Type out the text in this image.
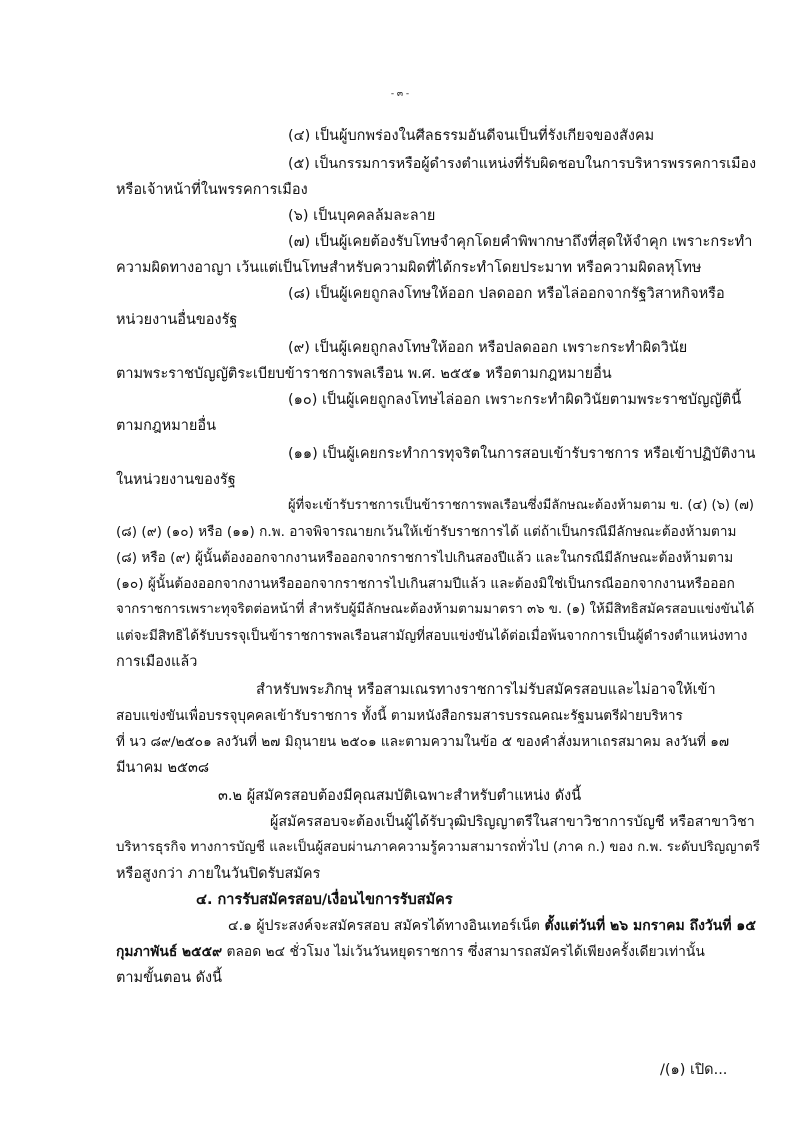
- ๓ -
(๔) เป็นผู้บกพร่องในศีลธรรมอันดีจนเป็นที่รังเกียจของสังคม
(๕) เป็นกรรมการหรือผู้ดำรงตำแหน่งที่รับผิดชอบในการบริหารพรรคการเมือง
หรือเจ้าหน้าที่ในพรรคการเมือง
(๖) เป็นบุคคลล้มละลาย
(๗) เป็นผู้เคยต้องรับโทษจำคุกโดยคำพิพากษาถึงที่สุดให้จำคุก เพราะกระทำ
ความผิดทางอาญา เว้นแต่เป็นโทษสำหรับความผิดที่ได้กระทำโดยประมาท หรือความผิดลหุโทษ
(๘) เป็นผู้เคยถูกลงโทษให้ออก ปลดออก หรือไล่ออกจากรัฐวิสาหกิจหรือ
หน่วยงานอื่นของรัฐ
(๙) เป็นผู้เคยถูกลงโทษให้ออก หรือปลดออก เพราะกระทำผิดวินัย
ตามพระราชบัญญัติระเบียบข้าราชการพลเรือน พ.ศ. ๒๕๕๑ หรือตามกฎหมายอื่น
(๑๐) เป็นผู้เคยถูกลงโทษไล่ออก เพราะกระทำผิดวินัยตามพระราชบัญญัตินี้
ตามกฎหมายอื่น
(๑๑) เป็นผู้เคยกระทำการทุจริตในการสอบเข้ารับราชการ หรือเข้าปฏิบัติงาน
ในหน่วยงานของรัฐ
ผู้ที่จะเข้ารับราชการเป็นข้าราชการพลเรือนซึ่งมีลักษณะต้องห้ามตาม ข. (๔) (๖) (๗)
(๘) (๙) (๑๐) หรือ (๑๑) ก.พ. อาจพิจารณายกเว้นให้เข้ารับราชการได้ แต่ถ้าเป็นกรณีมีลักษณะต้องห้ามตาม
(๘) หรือ (๙) ผู้นั้นต้องออกจากงานหรือออกจากราชการไปเกินสองปีแล้ว และในกรณีมีลักษณะต้องห้ามตาม
(๑๐) ผู้นั้นต้องออกจากงานหรือออกจากราชการไปเกินสามปีแล้ว และต้องมิใช่เป็นกรณีออกจากงานหรือออก
จากราชการเพราะทุจริตต่อหน้าที่ สำหรับผู้มีลักษณะต้องห้ามตามมาตรา ๓๖ ข. (๑) ให้มีสิทธิสมัครสอบแข่งขันได้
แต่จะมีสิทธิได้รับบรรจุเป็นข้าราชการพลเรือนสามัญที่สอบแข่งขันได้ต่อเมื่อพ้นจากการเป็นผู้ดำรงตำแหน่งทาง
การเมืองแล้ว
สำหรับพระภิกษุ หรือสามเณรทางราชการไม่รับสมัครสอบและไม่อาจให้เข้า
สอบแข่งขันเพื่อบรรจุบุคคลเข้ารับราชการ ทั้งนี้ ตามหนังสือกรมสารบรรณคณะรัฐมนตรีฝ่ายบริหาร
ที่ นว ๘๙/๒๕๐๑ ลงวันที่ ๒๗ มิถุนายน ๒๕๐๑ และตามความในข้อ ๕ ของคำสั่งมหาเถรสมาคม ลงวันที่ ๑๗
มีนาคม ๒๕๓๘
๓.๒ ผู้สมัครสอบต้องมีคุณสมบัติเฉพาะสำหรับตำแหน่ง ดังนี้
ผู้สมัครสอบจะต้องเป็นผู้ได้รับวุฒิปริญญาตรีในสาขาวิชาการบัญชี หรือสาขาวิชา
บริหารธุรกิจ ทางการบัญชี และเป็นผู้สอบผ่านภาคความรู้ความสามารถทั่วไป (ภาค ก.) ของ ก.พ. ระดับปริญญาตรี
หรือสูงกว่า ภายในวันปิดรับสมัคร
๔. การรับสมัครสอบ/เงื่อนไขการรับสมัคร
๔.๑ ผู้ประสงค์จะสมัครสอบ สมัครได้ทางอินเทอร์เน็ต ตั้งแต่วันที่ ๒๖ มกราคม ถึงวันที่ ๑๕
กุมภาพันธ์ ๒๕๕๙ ตลอด ๒๔ ชั่วโมง ไม่เว้นวันหยุดราชการ ซึ่งสามารถสมัครได้เพียงครั้งเดียวเท่านั้น
ตามขั้นตอน ดังนี้
/(๑) เปิด...
